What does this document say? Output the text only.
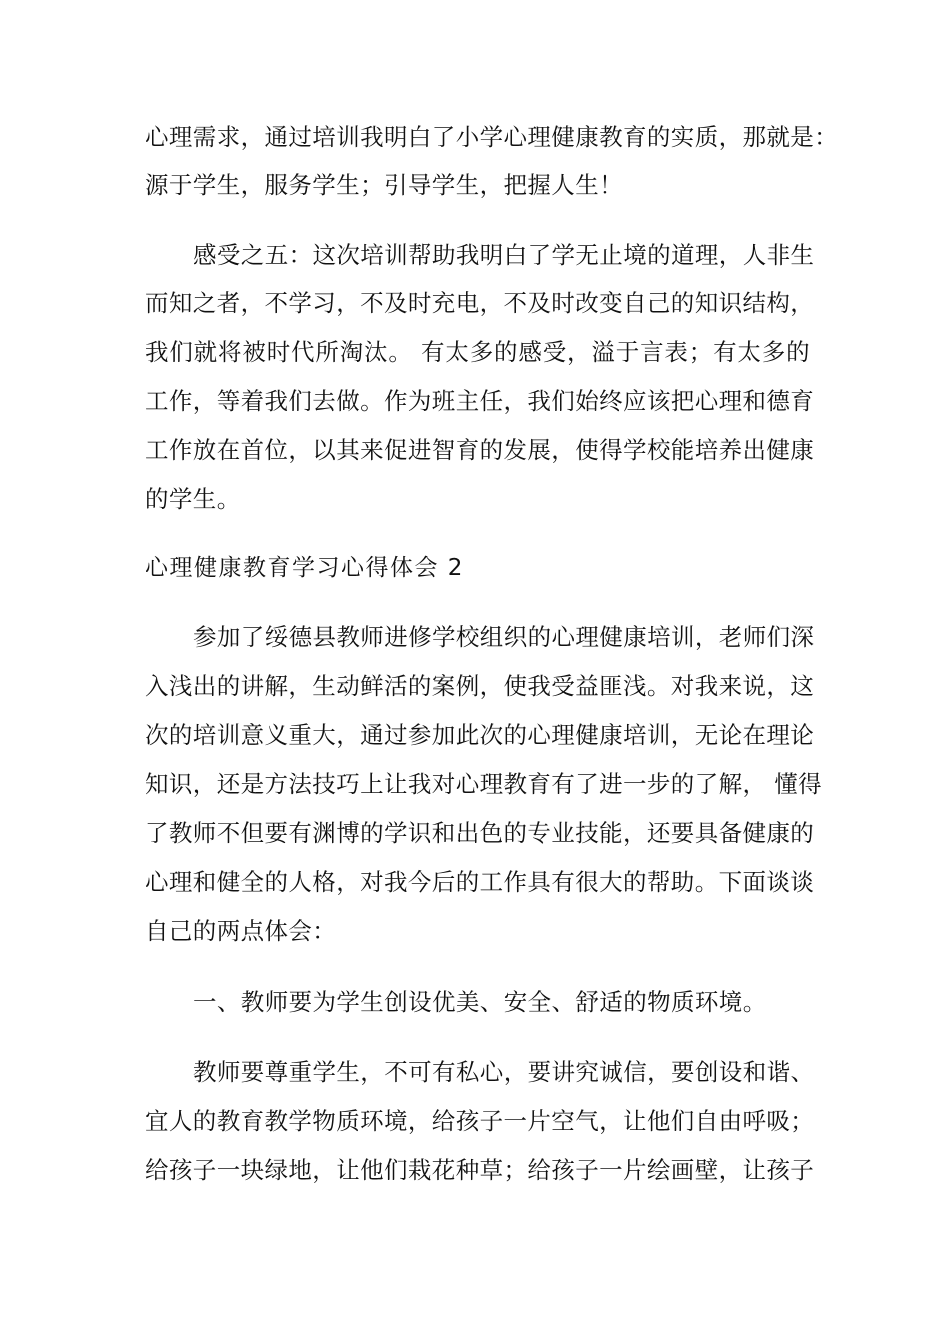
心理需求，通过培训我明白了小学心理健康教育的实质，那就是：
源于学生，服务学生；引导学生，把握人生！
感受之五：这次培训帮助我明白了学无止境的道理，人非生
而知之者，不学习，不及时充电，不及时改变自己的知识结构，
我们就将被时代所淘汰。 有太多的感受，溢于言表；有太多的
工作，等着我们去做。作为班主任，我们始终应该把心理和德育
工作放在首位，以其来促进智育的发展，使得学校能培养出健康
的学生。
心理健康教育学习心得体会 2
参加了绥德县教师进修学校组织的心理健康培训，老师们深
入浅出的讲解，生动鲜活的案例，使我受益匪浅。对我来说，这
次的培训意义重大，通过参加此次的心理健康培训，无论在理论
知识，还是方法技巧上让我对心理教育有了进一步的了解， 懂得
了教师不但要有渊博的学识和出色的专业技能，还要具备健康的
心理和健全的人格，对我今后的工作具有很大的帮助。下面谈谈
自己的两点体会：
一、教师要为学生创设优美、安全、舒适的物质环境。
教师要尊重学生，不可有私心，要讲究诚信，要创设和谐、
宜人的教育教学物质环境，给孩子一片空气，让他们自由呼吸；
给孩子一块绿地，让他们栽花种草；给孩子一片绘画壁，让孩子
